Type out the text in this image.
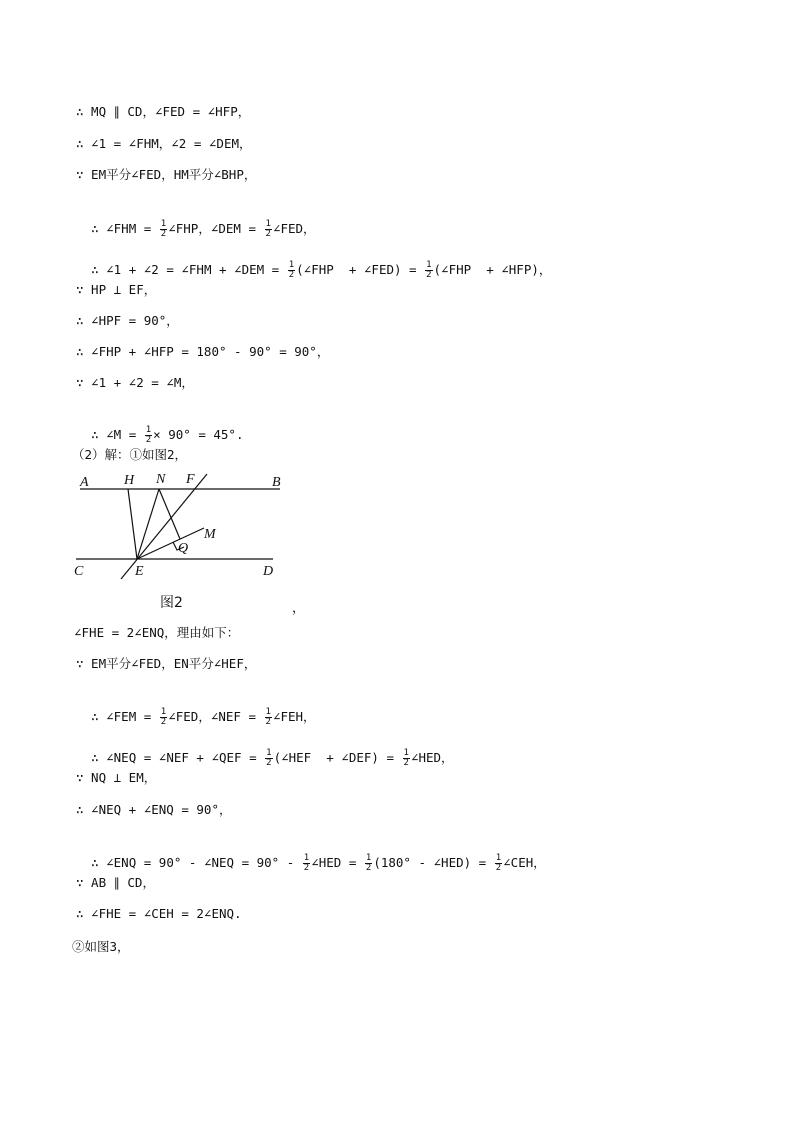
∴ MQ ∥ CD，∠FED = ∠HFP，
∴ ∠1 = ∠FHM，∠2 = ∠DEM，
∵ EM平分∠FED，HM平分∠BHP，

∴ ∠FHM = $\frac{1}{2}$ ∠FHP，∠DEM = $\frac{1}{2}$ ∠FED，

∴ ∠1 + ∠2 = ∠FHM + ∠DEM = $\frac{1}{2}$ (∠FHP  + ∠FED) = $\frac{1}{2}$ (∠FHP  + ∠HFP)，

∵ HP ⊥ EF，
∴ ∠HPF = 90°，
∴ ∠FHP + ∠HFP = 180° - 90° = 90°，
∵ ∠1 + ∠2 = ∠M，

∴ ∠M = $\frac{1}{2} \times 90^\circ = 45^\circ$.

（2）解：①如图2，
A	H N F	B
M
Q
C	E	D
图2	，
∠FHE = 2∠ENQ，理由如下：
∵ EM平分∠FED，EN平分∠HEF，

∴ ∠FEM = $\frac{1}{2}$ ∠FED，∠NEF = $\frac{1}{2}$ ∠FEH，

∴ ∠NEQ = ∠NEF + ∠QEF = $\frac{1}{2}$ (∠HEF  + ∠DEF) = $\frac{1}{2}$ ∠HED，

∵ NQ ⊥ EM，
∴ ∠NEQ + ∠ENQ = 90°，

∴ ∠ENQ = 90° - ∠NEQ = $90^\circ - \frac{1}{2}$ ∠HED = $\frac{1}{2} (180^\circ$ - ∠HED) = $\frac{1}{2}$ ∠CEH，

∵ AB ∥ CD，
∴ ∠FHE = ∠CEH = 2∠ENQ.
②如图3，
